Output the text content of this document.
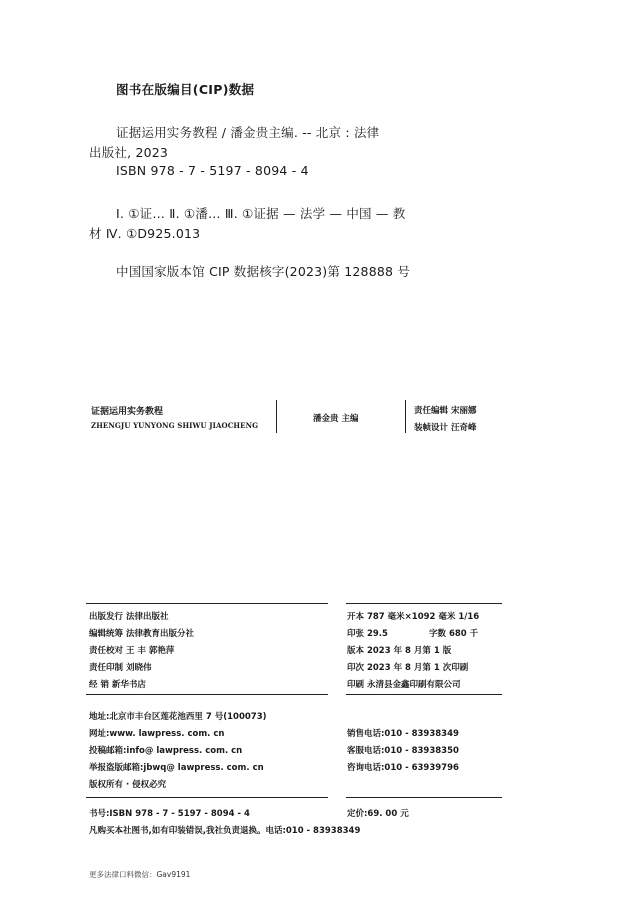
图书在版编目(CIP)数据
证据运用实务教程 / 潘金贵主编. -- 北京 : 法律
出版社, 2023
ISBN 978 - 7 - 5197 - 8094 - 4
Ⅰ. ①证… Ⅱ. ①潘… Ⅲ. ①证据 — 法学 — 中国 — 教
材 Ⅳ. ①D925.013
中国国家版本馆 CIP 数据核字(2023)第 128888 号
证据运用实务教程
ZHENGJU YUNYONG SHIWU JIAOCHENG
潘金贵 主编
责任编辑 宋丽娜
装帧设计 汪奇峰
出版发行 法律出版社
编辑统筹 法律教育出版分社
责任校对 王 丰 郭艳萍
责任印制 刘晓伟
经 销 新华书店
开本 787 毫米×1092 毫米 1/16
印张 29.5	字数 680 千
版本 2023 年 8 月第 1 版
印次 2023 年 8 月第 1 次印刷
印刷 永清县金鑫印刷有限公司
地址:北京市丰台区莲花池西里 7 号(100073)
网址:www. lawpress. com. cn
投稿邮箱:info@ lawpress. com. cn
举报盗版邮箱:jbwq@ lawpress. com. cn
版权所有 · 侵权必究
销售电话:010 - 83938349
客服电话:010 - 83938350
咨询电话:010 - 63939796
书号:ISBN 978 - 7 - 5197 - 8094 - 4	定价:69. 00 元
凡购买本社图书,如有印装错误,我社负责退换。电话:010 - 83938349
更多法律口料微信：Gav9191
